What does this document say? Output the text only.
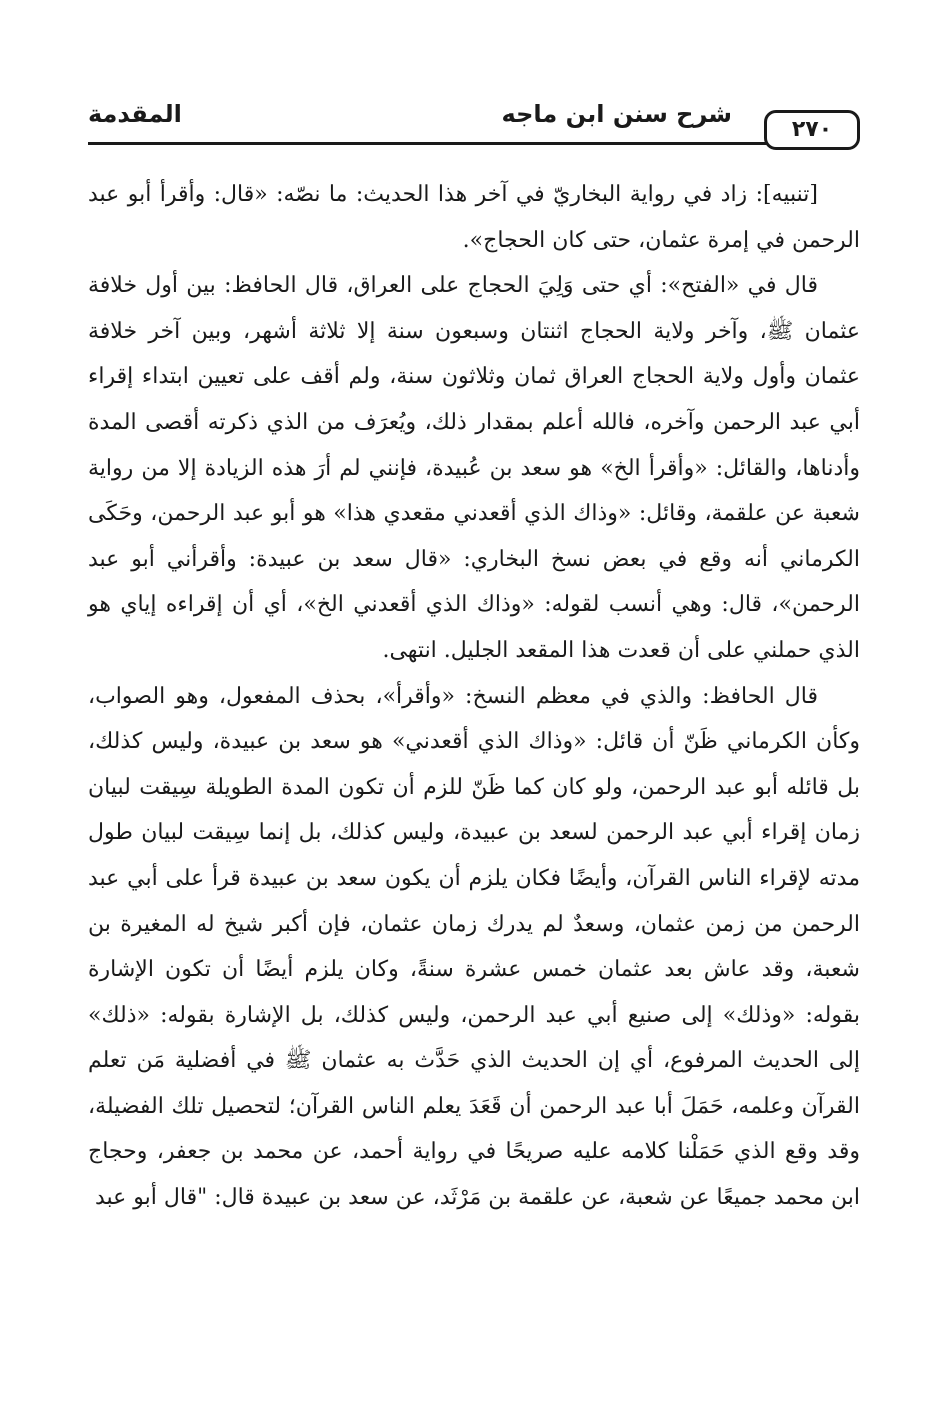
٢٧٠
شرح سنن ابن ماجه
المقدمة

[تنبيه]: زاد في رواية البخاريّ في آخر هذا الحديث: ما نصّه: «قال: وأقرأ أبو عبد الرحمن في إمرة عثمان، حتى كان الحجاج».

قال في «الفتح»: أي حتى وَلِيَ الحجاج على العراق، قال الحافظ: بين أول خلافة عثمان ﷺ، وآخر ولاية الحجاج اثنتان وسبعون سنة إلا ثلاثة أشهر، وبين آخر خلافة عثمان وأول ولاية الحجاج العراق ثمان وثلاثون سنة، ولم أقف على تعيين ابتداء إقراء أبي عبد الرحمن وآخره، فالله أعلم بمقدار ذلك، ويُعرَف من الذي ذكرته أقصى المدة وأدناها، والقائل: «وأقرأ الخ» هو سعد بن عُبيدة، فإنني لم أرَ هذه الزيادة إلا من رواية شعبة عن علقمة، وقائل: «وذاك الذي أقعدني مقعدي هذا» هو أبو عبد الرحمن، وحَكَى الكرماني أنه وقع في بعض نسخ البخاري: «قال سعد بن عبيدة: وأقرأني أبو عبد الرحمن»، قال: وهي أنسب لقوله: «وذاك الذي أقعدني الخ»، أي أن إقراءه إياي هو الذي حملني على أن قعدت هذا المقعد الجليل. انتهى.

قال الحافظ: والذي في معظم النسخ: «وأقرأ»، بحذف المفعول، وهو الصواب، وكأن الكرماني ظَنّ أن قائل: «وذاك الذي أقعدني» هو سعد بن عبيدة، وليس كذلك، بل قائله أبو عبد الرحمن، ولو كان كما ظَنّ للزم أن تكون المدة الطويلة سِيقت لبيان زمان إقراء أبي عبد الرحمن لسعد بن عبيدة، وليس كذلك، بل إنما سِيقت لبيان طول مدته لإقراء الناس القرآن، وأيضًا فكان يلزم أن يكون سعد بن عبيدة قرأ على أبي عبد الرحمن من زمن عثمان، وسعدٌ لم يدرك زمان عثمان، فإن أكبر شيخ له المغيرة بن شعبة، وقد عاش بعد عثمان خمس عشرة سنةً، وكان يلزم أيضًا أن تكون الإشارة بقوله: «وذلك» إلى صنيع أبي عبد الرحمن، وليس كذلك، بل الإشارة بقوله: «ذلك» إلى الحديث المرفوع، أي إن الحديث الذي حَدَّث به عثمان ﷺ في أفضلية مَن تعلم القرآن وعلمه، حَمَلَ أبا عبد الرحمن أن قَعَدَ يعلم الناس القرآن؛ لتحصيل تلك الفضيلة، وقد وقع الذي حَمَلْنا كلامه عليه صريحًا في رواية أحمد، عن محمد بن جعفر، وحجاج ابن محمد جميعًا عن شعبة، عن علقمة بن مَرْثَد، عن سعد بن عبيدة قال: "قال أبو عبد
